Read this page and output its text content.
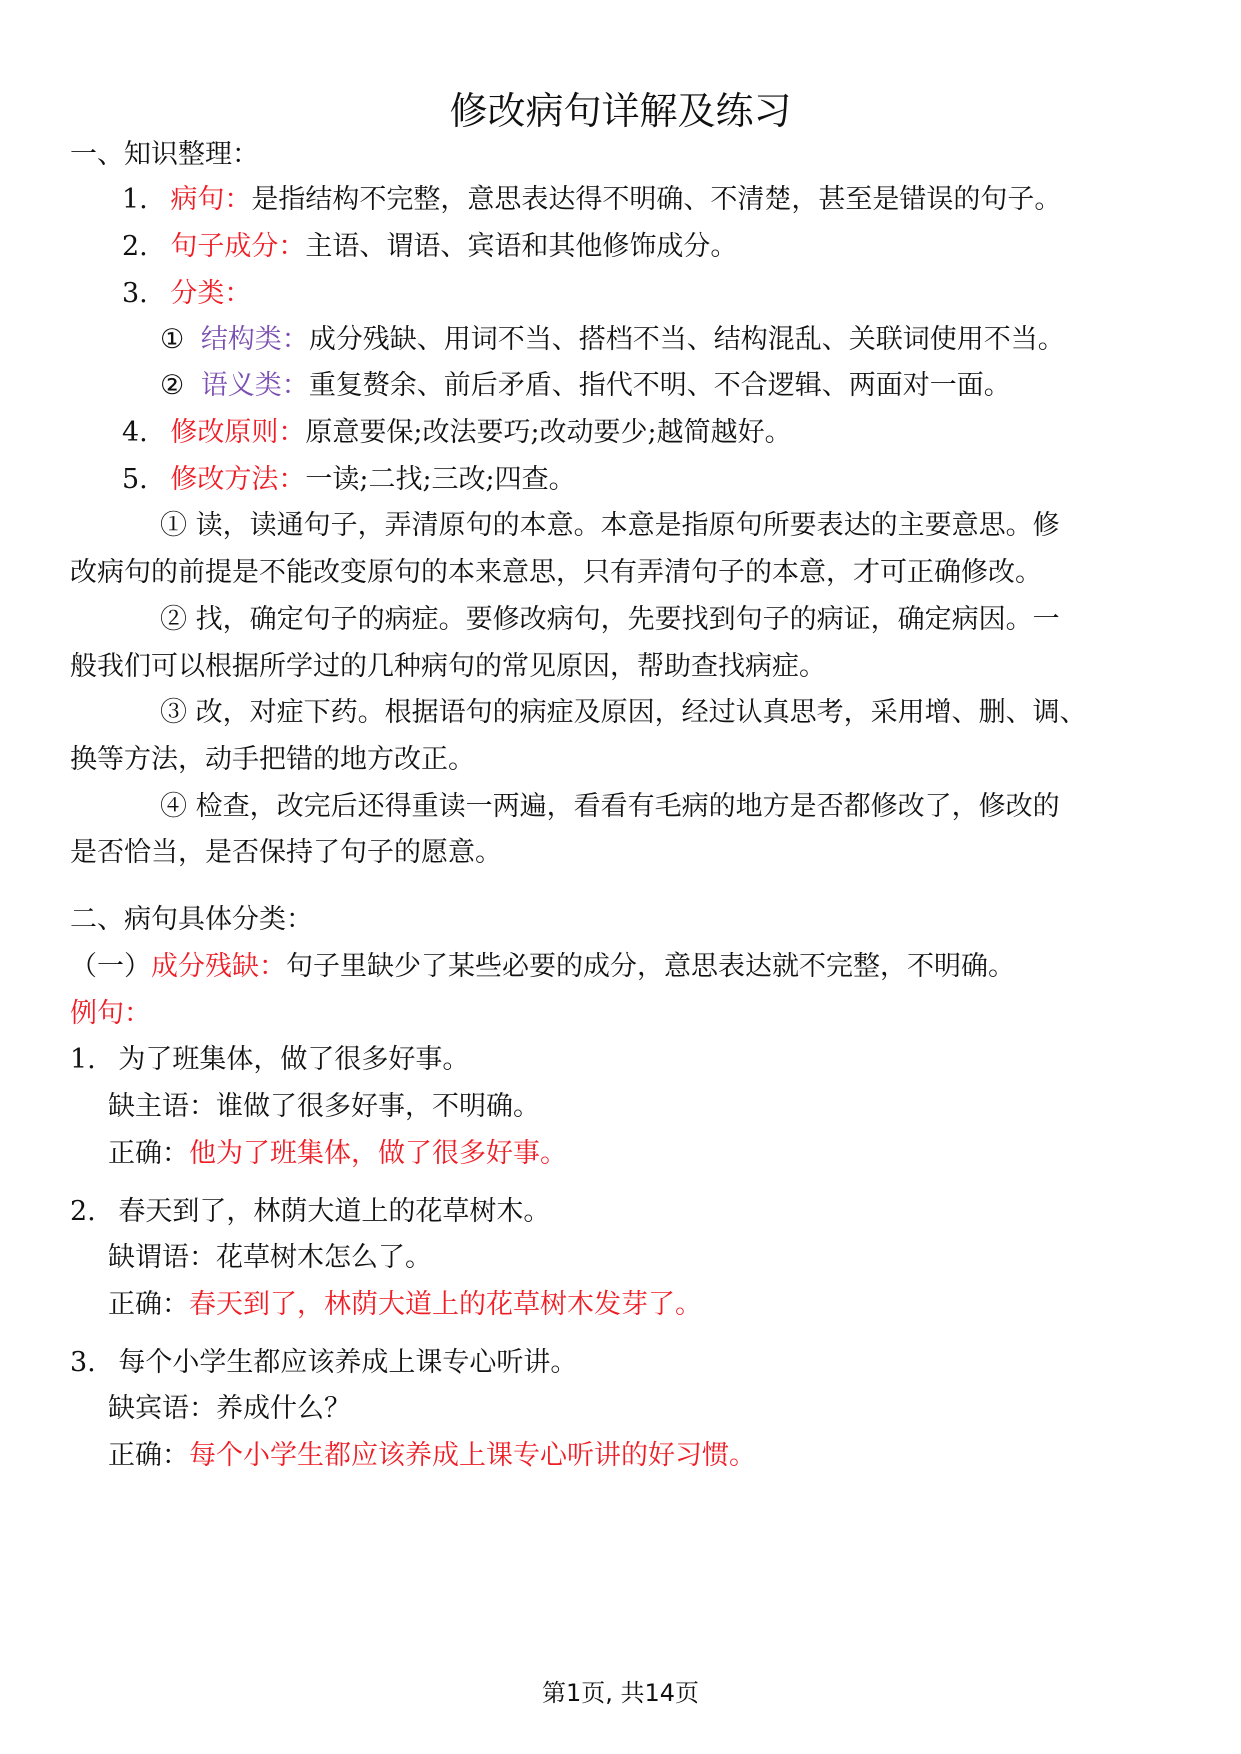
修改病句详解及练习
一、知识整理：
1. 病句：是指结构不完整，意思表达得不明确、不清楚，甚至是错误的句子。
2. 句子成分：主语、谓语、宾语和其他修饰成分。
3. 分类：
① 结构类：成分残缺、用词不当、搭档不当、结构混乱、关联词使用不当。
② 语义类：重复赘余、前后矛盾、指代不明、不合逻辑、两面对一面。
4. 修改原则：原意要保;改法要巧;改动要少;越简越好。
5. 修改方法：一读;二找;三改;四查。
① 读，读通句子，弄清原句的本意。本意是指原句所要表达的主要意思。修
改病句的前提是不能改变原句的本来意思，只有弄清句子的本意，才可正确修改。
② 找，确定句子的病症。要修改病句，先要找到句子的病证，确定病因。一
般我们可以根据所学过的几种病句的常见原因，帮助查找病症。
③ 改，对症下药。根据语句的病症及原因，经过认真思考，采用增、删、调、
换等方法，动手把错的地方改正。
④ 检查，改完后还得重读一两遍，看看有毛病的地方是否都修改了，修改的
是否恰当，是否保持了句子的愿意。
二、病句具体分类：
（一）成分残缺：句子里缺少了某些必要的成分，意思表达就不完整，不明确。
例句：
1. 为了班集体，做了很多好事。
缺主语：谁做了很多好事，不明确。
正确：他为了班集体，做了很多好事。
2. 春天到了，林荫大道上的花草树木。
缺谓语：花草树木怎么了。
正确：春天到了，林荫大道上的花草树木发芽了。
3. 每个小学生都应该养成上课专心听讲。
缺宾语：养成什么？
正确：每个小学生都应该养成上课专心听讲的好习惯。
第1页, 共14页
